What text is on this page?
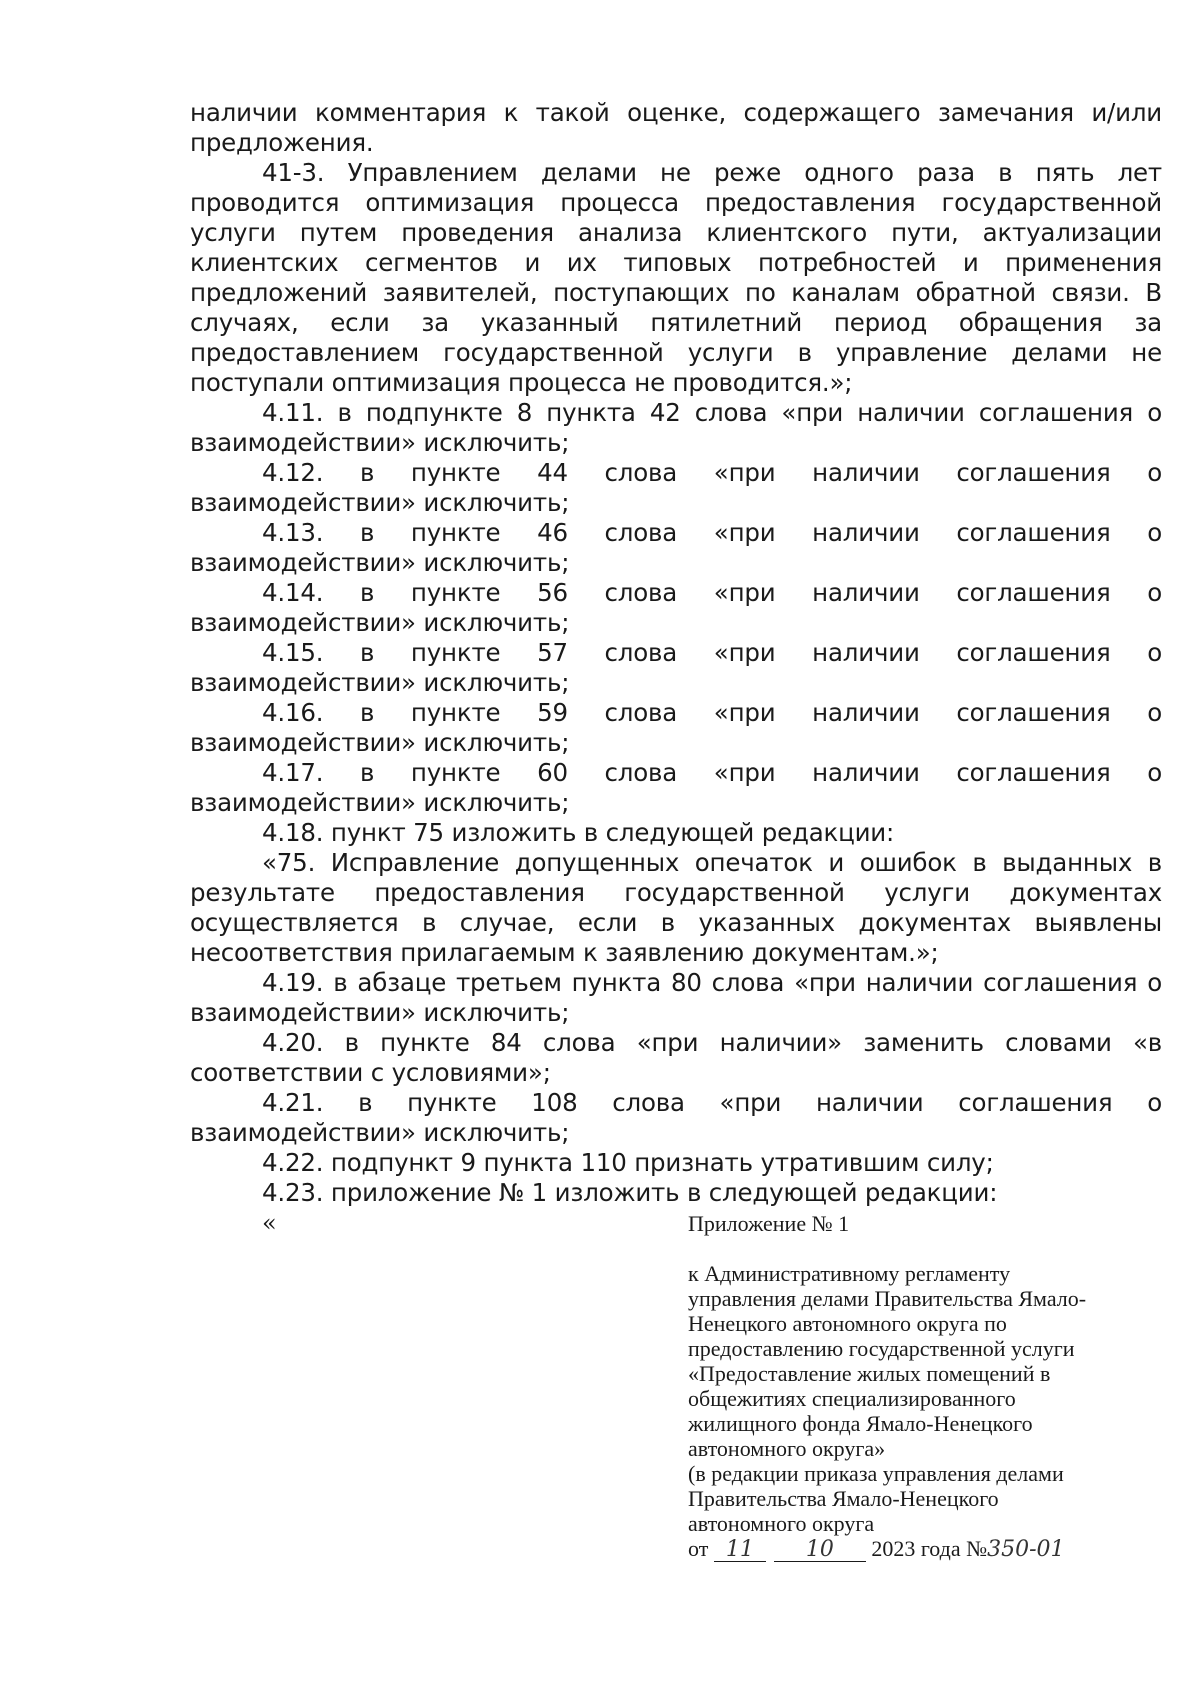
наличии комментария к такой оценке, содержащего замечания и/или предложения.

41-3. Управлением делами не реже одного раза в пять лет проводится оптимизация процесса предоставления государственной услуги путем проведения анализа клиентского пути, актуализации клиентских сегментов и их типовых потребностей и применения предложений заявителей, поступающих по каналам обратной связи. В случаях, если за указанный пятилетний период обращения за предоставлением государственной услуги в управление делами не поступали оптимизация процесса не проводится.»;

4.11. в подпункте 8 пункта 42 слова «при наличии соглашения о взаимодействии» исключить;

4.12. в пункте 44 слова «при наличии соглашения о взаимодействии» исключить;

4.13. в пункте 46 слова «при наличии соглашения о взаимодействии» исключить;

4.14. в пункте 56 слова «при наличии соглашения о взаимодействии» исключить;

4.15. в пункте 57 слова «при наличии соглашения о взаимодействии» исключить;

4.16. в пункте 59 слова «при наличии соглашения о взаимодействии» исключить;

4.17. в пункте 60 слова «при наличии соглашения о взаимодействии» исключить;

4.18. пункт 75 изложить в следующей редакции:

«75. Исправление допущенных опечаток и ошибок в выданных в результате предоставления государственной услуги документах осуществляется в случае, если в указанных документах выявлены несоответствия прилагаемым к заявлению документам.»;

4.19. в абзаце третьем пункта 80 слова «при наличии соглашения о взаимодействии» исключить;

4.20. в пункте 84 слова «при наличии» заменить словами «в соответствии с условиями»;

4.21. в пункте 108 слова «при наличии соглашения о взаимодействии» исключить;

4.22. подпункт 9 пункта 110 признать утратившим силу;

4.23. приложение № 1 изложить в следующей редакции:

«	Приложение № 1

к Административному регламенту

управления делами Правительства Ямало-

Ненецкого автономного округа по

предоставлению государственной услуги

«Предоставление жилых помещений в

общежитиях специализированного

жилищного фонда Ямало-Ненецкого

автономного округа»

(в редакции приказа управления делами

Правительства Ямало-Ненецкого

автономного округа

от 11 10 2023 года №350-01
